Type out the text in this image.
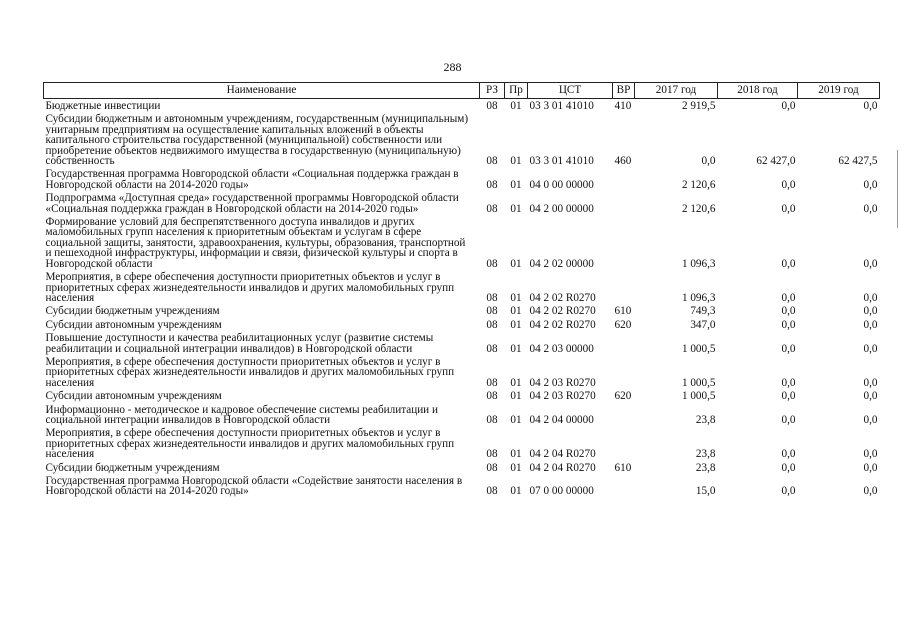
288
Наименование	РЗ	Пр	ЦСТ	ВР	2017 год	2018 год	2019 год
Бюджетные инвестиции	08	01	03 3 01 41010	410	2 919,5	0,0	0,0
Субсидии бюджетным и автономным учреждениям, государственным (муниципальным) унитарным предприятиям на осуществление капитальных вложений в объекты капитального строительства государственной (муниципальной) собственности или приобретение объектов недвижимого имущества в государственную (муниципальную) собственность	08	01	03 3 01 41010	460	0,0	62 427,0	62 427,5
Государственная программа Новгородской области «Социальная поддержка граждан в Новгородской области на 2014-2020 годы»	08	01	04 0 00 00000		2 120,6	0,0	0,0
Подпрограмма «Доступная среда» государственной программы Новгородской области «Социальная поддержка граждан в Новгородской области на 2014-2020 годы»	08	01	04 2 00 00000		2 120,6	0,0	0,0
Формирование условий для беспрепятственного доступа инвалидов и других маломобильных групп населения к приоритетным объектам и услугам в сфере социальной защиты, занятости, здравоохранения, культуры, образования, транспортной и пешеходной инфраструктуры, информации и связи, физической культуры и спорта в Новгородской области	08	01	04 2 02 00000		1 096,3	0,0	0,0
Мероприятия, в сфере обеспечения доступности приоритетных объектов и услуг в приоритетных сферах жизнедеятельности инвалидов и других маломобильных групп населения	08	01	04 2 02 R0270		1 096,3	0,0	0,0
Субсидии бюджетным учреждениям	08	01	04 2 02 R0270	610	749,3	0,0	0,0
Субсидии автономным учреждениям	08	01	04 2 02 R0270	620	347,0	0,0	0,0
Повышение доступности и качества реабилитационных услуг (развитие системы реабилитации и социальной интеграции инвалидов) в Новгородской области	08	01	04 2 03 00000		1 000,5	0,0	0,0
Мероприятия, в сфере обеспечения доступности приоритетных объектов и услуг в приоритетных сферах жизнедеятельности инвалидов и других маломобильных групп населения	08	01	04 2 03 R0270		1 000,5	0,0	0,0
Субсидии автономным учреждениям	08	01	04 2 03 R0270	620	1 000,5	0,0	0,0
Информационно - методическое и кадровое обеспечение системы реабилитации и социальной интеграции инвалидов в Новгородской области	08	01	04 2 04 00000		23,8	0,0	0,0
Мероприятия, в сфере обеспечения доступности приоритетных объектов и услуг в приоритетных сферах жизнедеятельности инвалидов и других маломобильных групп населения	08	01	04 2 04 R0270		23,8	0,0	0,0
Субсидии бюджетным учреждениям	08	01	04 2 04 R0270	610	23,8	0,0	0,0
Государственная программа Новгородской области «Содействие занятости населения в Новгородской области на 2014-2020 годы»	08	01	07 0 00 00000		15,0	0,0	0,0
